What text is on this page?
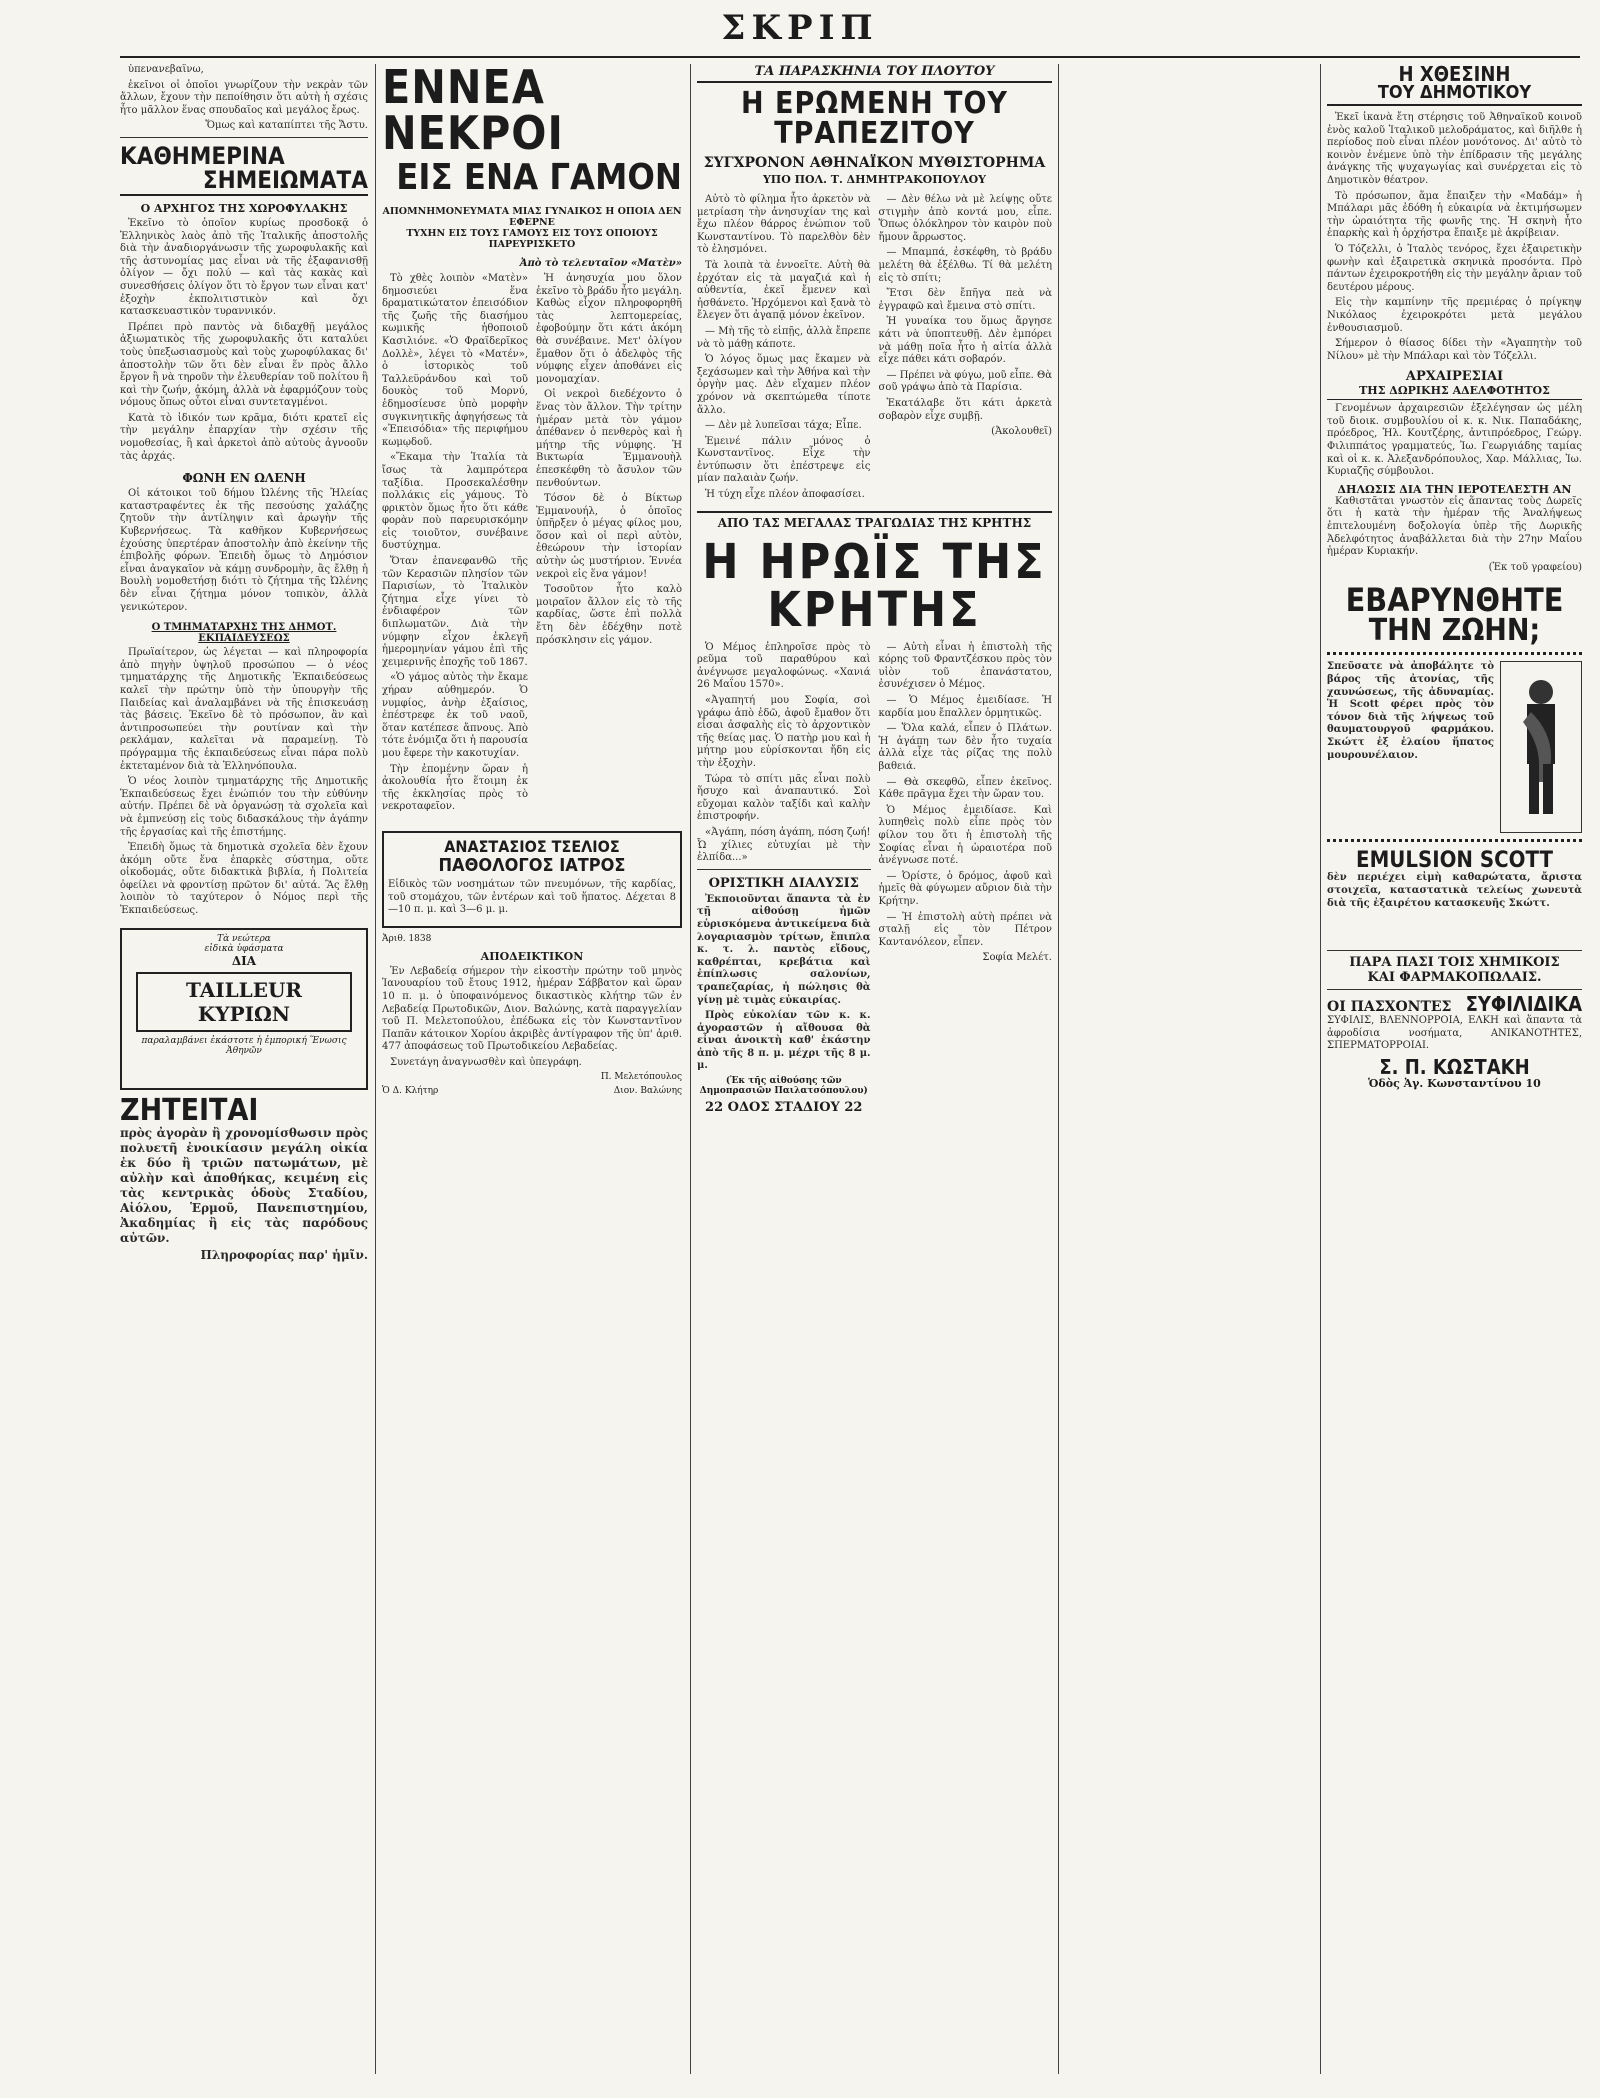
ΣΚΡΙΠ

ὑπενανεβαΐνω,

ἐκεῖνοι οἱ ὁποῖοι γνωρίζουν τὴν νεκρὰν τῶν ἄλλων, ἔχουν τὴν πεποίθησιν ὅτι αὐτὴ ἡ σχέσις ἦτο μᾶλλον ἕνας σπουδαῖος καὶ μεγάλος ἔρως.

Ὅμως καὶ καταπίπτει τῆς Ἄστυ.

ΚΑΘΗΜΕΡΙΝΑ
ΣΗΜΕΙΩΜΑΤΑ
Ο ΑΡΧΗΓΟΣ ΤΗΣ ΧΩΡΟΦΥΛΑΚΗΣ

Ἐκεῖνο τὸ ὁποῖον κυρίως προσδοκᾷ ὁ Ἑλληνικὸς λαὸς ἀπὸ τῆς Ἰταλικῆς ἀποστολῆς διὰ τὴν ἀναδιοργάνωσιν τῆς χωροφυλακῆς καὶ τῆς ἀστυνομίας μας εἶναι νὰ τῆς ἐξαφανισθῇ ὀλίγον — ὄχι πολύ — καὶ τὰς κακὰς καὶ συνεσθήσεις ὀλίγον ὅτι τὸ ἔργον των εἶναι κατ' ἐξοχὴν ἐκπολιτιστικὸν καὶ ὄχι κατασκευαστικὸν τυραννικόν.

Πρέπει πρὸ παντὸς νὰ διδαχθῇ μεγάλος ἀξιωματικὸς τῆς χωροφυλακῆς ὅτι καταλύει τοὺς ὑπεξωσιασμοὺς καὶ τοὺς χωροφύλακας δι' ἀποστολὴν τῶν ὅτι δὲν εἶναι ἕν πρὸς ἄλλο ἔργον ἢ νὰ τηροῦν τὴν ἐλευθερίαν τοῦ πολίτου ἢ καὶ τὴν ζωήν, ἀκόμη, ἀλλὰ νὰ ἐφαρμόζουν τοὺς νόμους ὅπως οὗτοι εἶναι συντεταγμένοι.

Κατὰ τὸ ἰδικόν των κρᾶμα, διότι κρατεῖ εἰς τὴν μεγάλην ἐπαρχίαν τὴν σχέσιν τῆς νομοθεσίας, ἢ καὶ ἀρκετοὶ ἀπὸ αὐτοὺς ἀγνοοῦν τὰς ἀρχάς.

ΦΩΝΗ ΕΝ ΩΛΕΝΗ

Οἱ κάτοικοι τοῦ δήμου Ὠλένης τῆς Ἠλείας καταστραφέντες ἐκ τῆς πεσούσης χαλάζης ζητοῦν τὴν ἀντίληψιν καὶ ἀρωγὴν τῆς Κυβερνήσεως. Τὰ καθῆκον Κυβερνήσεως ἐχούσης ὑπερτέραν ἀποστολὴν ἀπὸ ἐκείνην τῆς ἐπιβολῆς φόρων. Ἐπειδὴ ὅμως τὸ Δημόσιον εἶναι ἀναγκαῖον νὰ κάμῃ συνδρομὴν, ἂς ἔλθῃ ἡ Βουλὴ νομοθετήσῃ διότι τὸ ζήτημα τῆς Ὠλένης δὲν εἶναι ζήτημα μόνον τοπικὸν, ἀλλὰ γενικώτερον.

Ο ΤΜΗΜΑΤΑΡΧΗΣ ΤΗΣ ΔΗΜΟΤ. ΕΚΠΑΙΔΕΥΣΕΩΣ

Πρωϊαίτερον, ὡς λέγεται — καὶ πληροφορία ἀπὸ πηγὴν ὑψηλοῦ προσώπου — ὁ νέος τμηματάρχης τῆς Δημοτικῆς Ἐκπαιδεύσεως καλεῖ τὴν πρώτην ὑπὸ τὴν ὑπουργὴν τῆς Παιδείας καὶ ἀναλαμβάνει νὰ τῆς ἐπισκευάσῃ τὰς βάσεις. Ἐκεῖνο δὲ τὸ πρόσωπον, ἂν καὶ ἀντιπροσωπεύει τὴν ρουτίναν καὶ τὴν ρεκλάμαν, καλεῖται νὰ παραμείνῃ. Τὸ πρόγραμμα τῆς ἐκπαιδεύσεως εἶναι πάρα πολὺ ἐκτεταμένον διὰ τὰ Ἑλληνόπουλα.

Ὁ νέος λοιπὸν τμηματάρχης τῆς Δημοτικῆς Ἐκπαιδεύσεως ἔχει ἐνώπιόν του τὴν εὐθύνην αὐτήν. Πρέπει δὲ νὰ ὀργανώσῃ τὰ σχολεῖα καὶ νὰ ἐμπνεύσῃ εἰς τοὺς διδασκάλους τὴν ἀγάπην τῆς ἐργασίας καὶ τῆς ἐπιστήμης.

Ἐπειδὴ ὅμως τὰ δημοτικὰ σχολεῖα δὲν ἔχουν ἀκόμη οὔτε ἕνα ἐπαρκὲς σύστημα, οὔτε οἰκοδομάς, οὔτε διδακτικὰ βιβλία, ἡ Πολιτεία ὀφείλει νὰ φροντίσῃ πρῶτον δι' αὐτά. Ἂς ἔλθῃ λοιπὸν τὸ ταχύτερον ὁ Νόμος περὶ τῆς Ἐκπαιδεύσεως.

Τὰ νεώτερα
εἰδικὰ ὑφάσματα
ΔΙΑ
TAILLEUR ΚΥΡΙΩΝ
παραλαμβάνει ἐκάστοτε ἡ ἐμπορική Ἕνωσις Ἀθηνῶν
ΖΗΤΕΙΤΑΙ

πρὸς ἀγορὰν ἢ χρονομίσθωσιν πρὸς πολυετῆ ἐνοικίασιν μεγάλη οἰκία ἐκ δύο ἢ τριῶν πατωμάτων, μὲ αὐλὴν καὶ ἀποθήκας, κειμένη εἰς τὰς κεντρικὰς ὁδοὺς Σταδίου, Αἰόλου, Ἑρμοῦ, Πανεπιστημίου, Ἀκαδημίας ἢ εἰς τὰς παρόδους αὐτῶν.

Πληροφορίας παρ' ἡμῖν.

ΕΝΝΕΑ ΝΕΚΡΟΙ
ΕΙΣ ΕΝΑ ΓΑΜΟΝ
ΑΠΟΜΝΗΜΟΝΕΥΜΑΤΑ ΜΙΑΣ ΓΥΝΑΙΚΟΣ Η ΟΠΟΙΑ ΔΕΝ ΕΦΕΡΝΕ
ΤΥΧΗΝ ΕΙΣ ΤΟΥΣ ΓΑΜΟΥΣ ΕΙΣ ΤΟΥΣ ΟΠΟΙΟΥΣ ΠΑΡΕΥΡΙΣΚΕΤΟ
Ἀπὸ τὸ τελευταῖον «Ματὲν»

Τὸ χθὲς λοιπὸν «Ματὲν» δημοσιεύει ἕνα δραματικώτατον ἐπεισόδιον τῆς ζωῆς τῆς διασήμου κωμικῆς ἠθοποιοῦ Κασιλιόνε. «Ὁ Φραϊδερῖκος Δολλὲ», λέγει τὸ «Ματέν», ὁ ἱστορικὸς τοῦ Ταλλεϋράνδου καὶ τοῦ δουκὸς τοῦ Μορνύ, ἐδημοσίευσε ὑπὸ μορφὴν συγκινητικῆς ἀφηγήσεως τὰ «Ἐπεισόδια» τῆς περιφήμου κωμῳδοῦ.

«Ἔκαμα τὴν Ἰταλία τὰ ἴσως τὰ λαμπρότερα ταξίδια. Προσεκαλέσθην πολλάκις εἰς γάμους. Τὸ φρικτὸν ὅμως ἦτο ὅτι κάθε φορὰν ποὺ παρευρισκόμην εἰς τοιοῦτον, συνέβαινε δυστύχημα.

Ὅταν ἐπανεφανθῶ τῆς τῶν Κερασιῶν πλησίον τῶν Παρισίων, τὸ Ἰταλικὸν ζήτημα εἶχε γίνει τὸ ἐνδιαφέρον τῶν διπλωματῶν. Διὰ τὴν νύμφην εἶχον ἐκλεγῆ ἡμερομηνίαν γάμου ἐπὶ τῆς χειμερινῆς ἐποχῆς τοῦ 1867.

«Ὁ γάμος αὐτὸς τὴν ἔκαμε χήραν αὐθημερόν. Ὁ νυμφίος, ἀνὴρ ἐξαίσιος, ἐπέστρεφε ἐκ τοῦ ναοῦ, ὅταν κατέπεσε ἄπνους. Ἀπὸ τότε ἐνόμιζα ὅτι ἡ παρουσία μου ἔφερε τὴν κακοτυχίαν.

Τὴν ἐπομένην ὥραν ἡ ἀκολουθία ἦτο ἕτοιμη ἐκ τῆς ἐκκλησίας πρὸς τὸ νεκροταφεῖον.

Ἡ ἀνησυχία μου ὅλον ἐκεῖνο τὸ βράδυ ἦτο μεγάλη. Καθὼς εἶχον πληροφορηθῆ τὰς λεπτομερείας, ἐφοβούμην ὅτι κάτι ἀκόμη θὰ συνέβαινε. Μετ' ὀλίγον ἔμαθον ὅτι ὁ ἀδελφὸς τῆς νύμφης εἶχεν ἀποθάνει εἰς μονομαχίαν.

Οἱ νεκροὶ διεδέχοντο ὁ ἕνας τὸν ἄλλον. Τὴν τρίτην ἡμέραν μετὰ τὸν γάμον ἀπέθανεν ὁ πενθερὸς καὶ ἡ μήτηρ τῆς νύμφης. Ἡ Βικτωρία Ἐμμανουὴλ ἐπεσκέφθη τὸ ἄσυλον τῶν πενθούντων.

Τόσον δὲ ὁ Βίκτωρ Ἐμμανουήλ, ὁ ὁποῖος ὑπῆρξεν ὁ μέγας φίλος μου, ὅσον καὶ οἱ περὶ αὐτὸν, ἐθεώρουν τὴν ἱστορίαν αὐτὴν ὡς μυστήριον. Ἐννέα νεκροὶ εἰς ἕνα γάμον!

Τοσοῦτον ἦτο καλὸ μοιραῖον ἄλλον εἰς τὸ τῆς καρδίας, ὥστε ἐπὶ πολλὰ ἔτη δὲν ἐδέχθην ποτὲ πρόσκλησιν εἰς γάμον.

ΑΝΑΣΤΑΣΙΟΣ ΤΣΕΛΙΟΣ
ΠΑΘΟΛΟΓΟΣ ΙΑΤΡΟΣ

Εἰδικὸς τῶν νοσημάτων τῶν πνευμόνων, τῆς καρδίας, τοῦ στομάχου, τῶν ἐντέρων καὶ τοῦ ἥπατος. Δέχεται 8—10 π. μ. καὶ 3—6 μ. μ.

Ἀριθ. 1838
ΑΠΟΔΕΙΚΤΙΚΟΝ

Ἐν Λεβαδείᾳ σήμερον τὴν εἰκοστὴν πρώτην τοῦ μηνὸς Ἰανουαρίου τοῦ ἔτους 1912, ἡμέραν Σάββατον καὶ ὥραν 10 π. μ. ὁ ὑποφαινόμενος δικαστικὸς κλήτηρ τῶν ἐν Λεβαδείᾳ Πρωτοδικῶν, Διον. Βαλώνης, κατὰ παραγγελίαν τοῦ Π. Μελετοπούλου, ἐπέδωκα εἰς τὸν Κωνσταντῖνον Παπᾶν κάτοικον Χορίου ἀκριβὲς ἀντίγραφον τῆς ὑπ' ἀριθ. 477 ἀποφάσεως τοῦ Πρωτοδικείου Λεβαδείας.

Συνετάγη ἀναγνωσθὲν καὶ ὑπεγράφη.

Π. Μελετόπουλος
Ὁ Δ. Κλήτηρ	Διον. Βαλώνης
ΤΑ ΠΑΡΑΣΚΗΝΙΑ ΤΟΥ ΠΛΟΥΤΟΥ
Η ΕΡΩΜΕΝΗ ΤΟΥ ΤΡΑΠΕΖΙΤΟΥ
ΣΥΓΧΡΟΝΟΝ ΑΘΗΝΑΪΚΟΝ ΜΥΘΙΣΤΟΡΗΜΑ
ΥΠΟ ΠΟΛ. Τ. ΔΗΜΗΤΡΑΚΟΠΟΥΛΟΥ

Αὐτὸ τὸ φίλημα ἦτο ἀρκετὸν νὰ μετρίαση τὴν ἀνησυχίαν της καὶ ἔχω πλέον θάρρος ἐνώπιον τοῦ Κωνσταντίνου. Τὸ παρελθὸν δὲν τὸ ἐλησμόνει.

Τὰ λοιπὰ τὰ ἐννοεῖτε. Αὐτὴ θὰ ἐρχόταν εἰς τὰ μαγαζιά καὶ ἡ αὐθεντία, ἐκεῖ ἔμενεν καὶ ἠσθάνετο. Ἠρχόμενοι καὶ ξανὰ τὸ ἔλεγεν ὅτι ἀγαπᾷ μόνον ἐκεῖνον.

— Μὴ τῆς τὸ εἰπῇς, ἀλλὰ ἔπρεπε νὰ τὸ μάθῃ κάποτε.

Ὁ λόγος ὅμως μας ἔκαμεν νὰ ξεχάσωμεν καὶ τὴν Ἀθήνα καὶ τὴν ὀργὴν μας. Δὲν εἴχαμεν πλέον χρόνον νὰ σκεπτώμεθα τίποτε ἄλλο.

— Δὲν μὲ λυπεῖσαι τάχα; Εἶπε.

Ἐμεινέ πάλιν μόνος ὁ Κωνσταντῖνος. Εἶχε τὴν ἐντύπωσιν ὅτι ἐπέστρεψε εἰς μίαν παλαιὰν ζωήν.

Ἡ τύχη εἶχε πλέον ἀποφασίσει.

— Δὲν θέλω νὰ μὲ λείψῃς οὔτε στιγμὴν ἀπὸ κοντά μου, εἶπε. Ὅπως ὁλόκληρον τὸν καιρὸν ποὺ ἤμουν ἄρρωστος.

— Μπαμπά, ἐσκέφθη, τὸ βράδυ μελέτη θὰ ἐξέλθω. Τί θὰ μελέτη εἰς τὸ σπίτι;

Ἔτσι δὲν ἔπῆγα πεὰ νὰ ἐγγραφῶ καὶ ἔμεινα στὸ σπίτι.

Ἡ γυναίκα του ὅμως ἄργησε κάτι νὰ ὑποπτευθῇ. Δὲν ἐμπόρει νὰ μάθῃ ποῖα ἦτο ἡ αἰτία ἀλλὰ εἶχε πάθει κάτι σοβαρόν.

— Πρέπει νὰ φύγω, μοῦ εἶπε. Θὰ σοῦ γράψω ἀπὸ τὰ Παρίσια.

Ἐκατάλαβε ὅτι κάτι ἀρκετὰ σοβαρὸν εἶχε συμβῇ.

(Ἀκολουθεῖ)

ΑΠΟ ΤΑΣ ΜΕΓΑΛΑΣ ΤΡΑΓΩΔΙΑΣ ΤΗΣ ΚΡΗΤΗΣ
Η ΗΡΩΪΣ ΤΗΣ ΚΡΗΤΗΣ

Ὁ Μέμος ἐπληροῖσε πρὸς τὸ ρεῦμα τοῦ παραθύρου καὶ ἀνέγνωσε μεγαλοφώνως. «Χανιά 26 Μαΐου 1570».

«Ἀγαπητή μου Σοφία, σοὶ γράφω ἀπὸ ἐδῶ, ἀφοῦ ἔμαθον ὅτι εἶσαι ἀσφαλὴς εἰς τὸ ἀρχοντικὸν τῆς θείας μας. Ὁ πατὴρ μου καὶ ἡ μήτηρ μου εὑρίσκονται ἤδη εἰς τὴν ἐξοχὴν.

Τώρα τὸ σπίτι μᾶς εἶναι πολὺ ἥσυχο καὶ ἀναπαυτικό. Σοὶ εὔχομαι καλὸν ταξίδι καὶ καλὴν ἐπιστροφήν.

«Ἀγάπη, πόση ἀγάπη, πόση ζωή! Ὦ χίλιες εὐτυχίαι μὲ τὴν ἐλπίδα...»

ΟΡΙΣΤΙΚΗ ΔΙΑΛΥΣΙΣ

Ἐκποιοῦνται ἅπαντα τὰ ἐν τῇ αἰθούσῃ ἡμῶν εὑρισκόμενα ἀντικείμενα διὰ λογαριασμὸν τρίτων, ἔπιπλα κ. τ. λ. παντὸς εἴδους, καθρέπται, κρεβάτια καὶ ἐπίπλωσις σαλονίων, τραπεζαρίας, ἡ πώλησις θὰ γίνῃ μὲ τιμὰς εὐκαιρίας.

Πρὸς εὐκολίαν τῶν κ. κ. ἀγοραστῶν ἡ αἴθουσα θὰ εἶναι ἀνοικτὴ καθ' ἑκάστην ἀπὸ τῆς 8 π. μ. μέχρι τῆς 8 μ. μ.

(Ἐκ τῆς αἰθούσης τῶν Δημοπρασιῶν Παιλατσόπουλου)
22 ΟΔΟΣ ΣΤΑΔΙΟΥ 22

— Αὐτὴ εἶναι ἡ ἐπιστολὴ τῆς κόρης τοῦ Φραντζέσκου πρὸς τὸν υἱὸν τοῦ ἐπανάστατου, ἐσυνέχισεν ὁ Μέμος.

— Ὁ Μέμος ἐμειδίασε. Ἡ καρδία μου ἔπαλλεν ὁρμητικῶς.

— Ὅλα καλά, εἶπεν ὁ Πλάτων. Ἡ ἀγάπη των δὲν ἦτο τυχαία ἀλλὰ εἶχε τὰς ρίζας της πολὺ βαθειά.

— Θὰ σκεφθῶ, εἶπεν ἐκεῖνος. Κάθε πρᾶγμα ἔχει τὴν ὥραν του.

Ὁ Μέμος ἐμειδίασε. Καὶ λυπηθεὶς πολὺ εἶπε πρὸς τὸν φίλον του ὅτι ἡ ἐπιστολὴ τῆς Σοφίας εἶναι ἡ ὡραιοτέρα ποῦ ἀνέγνωσε ποτέ.

— Ὀρίστε, ὁ δρόμος, ἀφοῦ καὶ ἡμεῖς θὰ φύγωμεν αὔριον διὰ τὴν Κρήτην.

— Ἡ ἐπιστολὴ αὐτὴ πρέπει νὰ σταλῇ εἰς τὸν Πέτρον Καντανόλεον, εἶπεν.

Σοφία Μελέτ.

Η ΧΘΕΣΙΝΗ
ΤΟΥ ΔΗΜΟΤΙΚΟΥ

Ἐκεῖ ἱκανὰ ἔτη στέρησις τοῦ Ἀθηναϊκοῦ κοινοῦ ἑνὸς καλοῦ Ἰταλικοῦ μελοδράματος, καὶ διῆλθε ἡ περίοδος ποὺ εἶναι πλέον μονότονος. Δι' αὐτὸ τὸ κοινὸν ἐνέμενε ὑπὸ τὴν ἐπίδρασιν τῆς μεγάλης ἀνάγκης τῆς ψυχαγωγίας καὶ συνέρχεται εἰς τὸ Δημοτικὸν θέατρον.

Τὸ πρόσωπον, ἅμα ἔπαιξεν τὴν «Μαδάμ» ἡ Μπάλαρι μᾶς ἐδόθη ἡ εὐκαιρία νὰ ἐκτιμήσωμεν τὴν ὡραιότητα τῆς φωνῆς της. Ἡ σκηνὴ ἦτο ἐπαρκὴς καὶ ἡ ὀρχήστρα ἔπαιξε μὲ ἀκρίβειαν.

Ὁ Τόζελλι, ὁ Ἰταλὸς τενόρος, ἔχει ἐξαιρετικὴν φωνὴν καὶ ἐξαιρετικὰ σκηνικὰ προσόντα. Πρὸ πάντων ἐχειροκροτήθη εἰς τὴν μεγάλην ἄριαν τοῦ δευτέρου μέρους.

Εἰς τὴν καμπίνην τῆς πρεμιέρας ὁ πρίγκηψ Νικόλαος ἐχειροκρότει μετὰ μεγάλου ἐνθουσιασμοῦ.

Σήμερον ὁ θίασος δίδει τὴν «Ἀγαπητὴν τοῦ Νίλου» μὲ τὴν Μπάλαρι καὶ τὸν Τόζελλι.

ΑΡΧΑΙΡΕΣΙΑΙ
ΤΗΣ ΔΩΡΙΚΗΣ ΑΔΕΛΦΟΤΗΤΟΣ

Γενομένων ἀρχαιρεσιῶν ἐξελέγησαν ὡς μέλη τοῦ διοικ. συμβουλίου οἱ κ. κ. Νικ. Παπαδάκης, πρόεδρος, Ἠλ. Κουτζέρης, ἀντιπρόεδρος, Γεώργ. Φιλιππάτος γραμματεύς, Ἰω. Γεωργιάδης ταμίας καὶ οἱ κ. κ. Ἀλεξανδρόπουλος, Χαρ. Μάλλιας, Ἰω. Κυριαζῆς σύμβουλοι.

ΔΗΛΩΣΙΣ ΔΙΑ ΤΗΝ ΙΕΡΟΤΕΛΕΣΤΗ ΑΝ

Καθιστᾶται γνωστὸν εἰς ἅπαντας τοὺς Δωρεῖς ὅτι ἡ κατὰ τὴν ἡμέραν τῆς Ἀναλήψεως ἐπιτελουμένη δοξολογία ὑπὲρ τῆς Δωρικῆς Ἀδελφότητος ἀναβάλλεται διὰ τὴν 27ην Μαΐου ἡμέραν Κυριακήν.

(Ἐκ τοῦ γραφείου)

ΕΒΑΡΥΝΘΗΤΕ
ΤΗΝ ΖΩΗΝ;

Σπεῦσατε νὰ ἀποβάλητε τὸ βάρος τῆς ἀτονίας, τῆς χαυνώσεως, τῆς ἀδυναμίας. Ἡ Scott φέρει πρὸς τὸν τόνον διὰ τῆς λήψεως τοῦ θαυματουργοῦ φαρμάκου. Σκώττ ἐξ ἐλαίου ἥπατος μουρουνέλαιον.

EMULSION SCOTT

δὲν περιέχει εἰμὴ καθαρώτατα, ἄριστα στοιχεῖα, καταστατικὰ τελείως χωνευτὰ διὰ τῆς ἐξαιρέτου κατασκευῆς Σκώττ.

ΠΑΡΑ ΠΑΣΙ ΤΟΙΣ ΧΗΜΙΚΟΙΣ
ΚΑΙ ΦΑΡΜΑΚΟΠΩΛΑΙΣ.
ΟΙ ΠΑΣΧΟΝΤΕΣ ΣΥΦΙΛΙΔΙΚΑ

ΣΥΦΙΛΙΣ, ΒΛΕΝΝΟΡΡΟΙΑ, ΕΛΚΗ καὶ ἅπαντα τὰ ἀφροδίσια νοσήματα, ΑΝΙΚΑΝΟΤΗΤΕΣ, ΣΠΕΡΜΑΤΟΡΡΟΙΑΙ.

Σ. Π. ΚΩΣΤΑΚΗ
Ὁδὸς Ἀγ. Κωνσταντίνου 10
